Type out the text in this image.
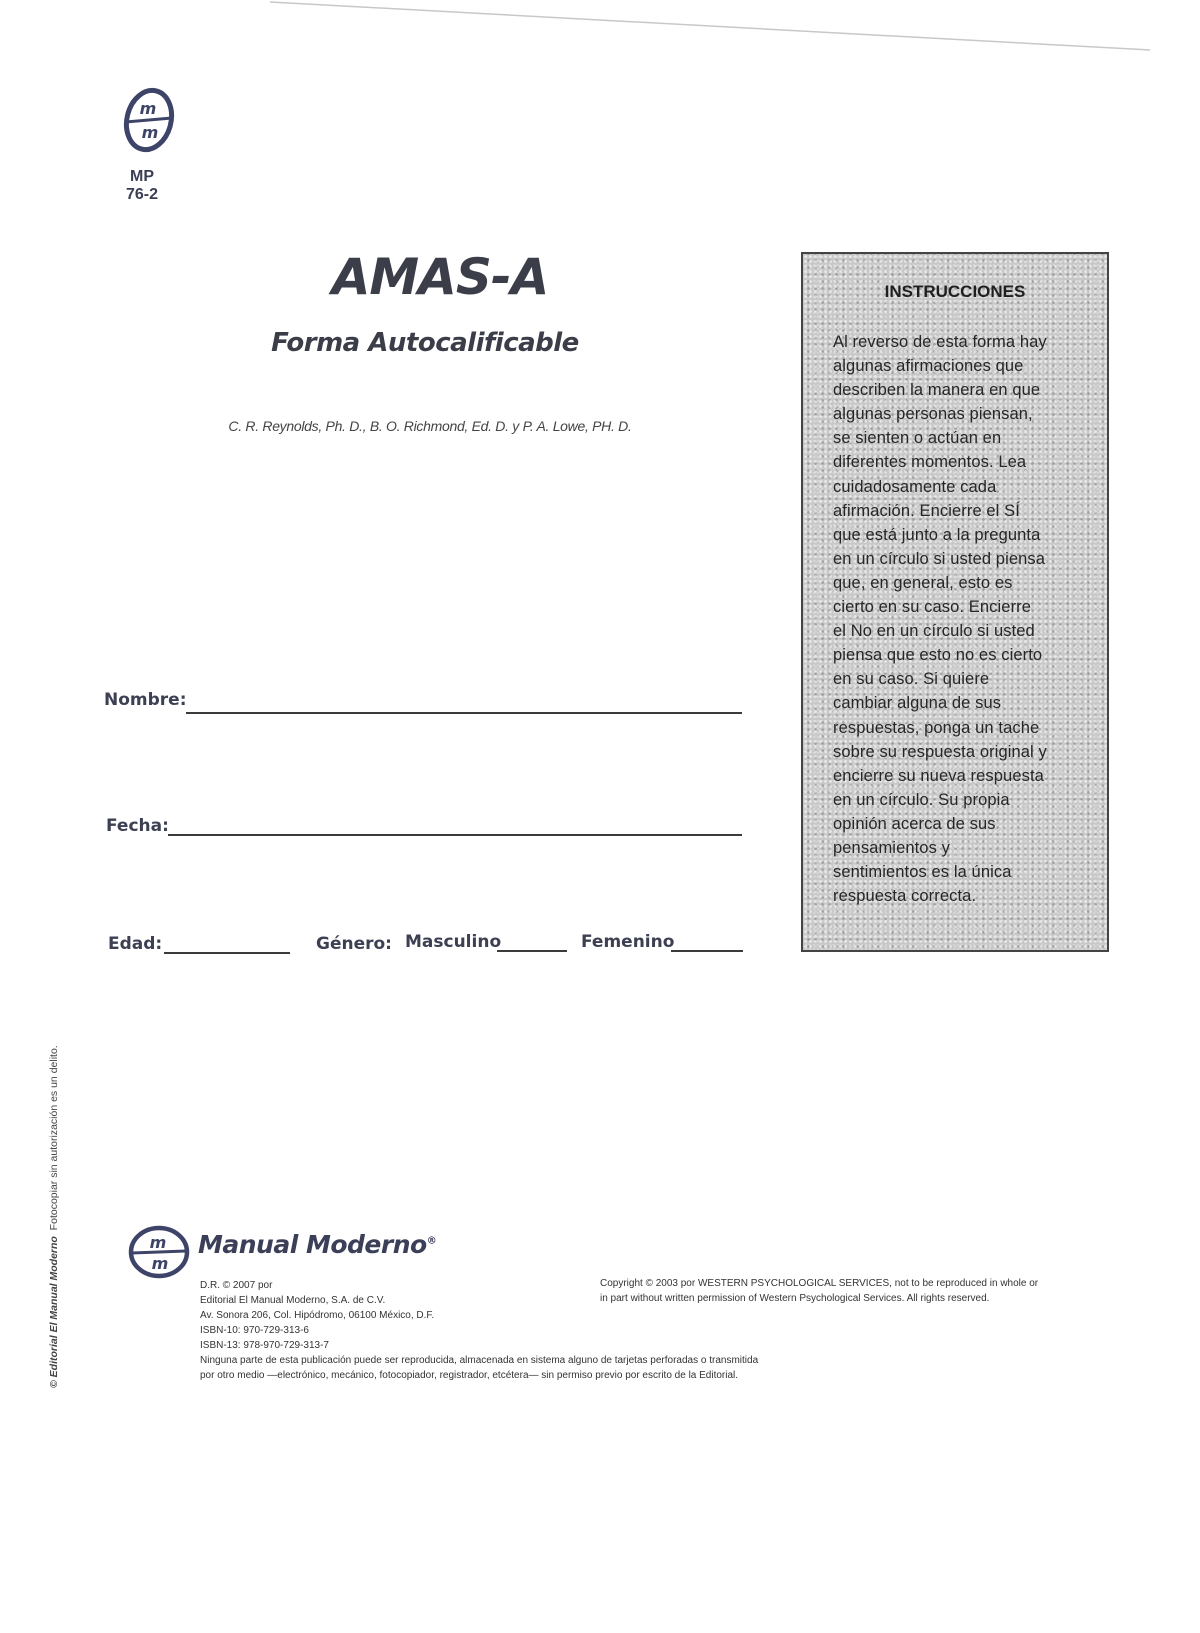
m
m
MP
76-2
AMAS-A
Forma Autocalificable
C. R. Reynolds, Ph. D., B. O. Richmond, Ed. D. y P. A. Lowe, PH. D.
Nombre:
Fecha:
Edad:	Género: Masculino	Femenino
INSTRUCCIONES

Al reverso de esta forma hay

algunas afirmaciones que

describen la manera en que

algunas personas piensan,

se sienten o actúan en

diferentes momentos. Lea

cuidadosamente cada

afirmación. Encierre el SÍ

que está junto a la pregunta

en un círculo si usted piensa

que, en general, esto es

cierto en su caso. Encierre

el No en un círculo si usted

piensa que esto no es cierto

en su caso. Si quiere

cambiar alguna de sus

respuestas, ponga un tache

sobre su respuesta original y

encierre su nueva respuesta

en un círculo. Su propia

opinión acerca de sus

pensamientos y

sentimientos es la única

respuesta correcta.

© Editorial El Manual Moderno  Fotocopiar sin autorización es un delito.
m
m
Manual Moderno®
D.R. © 2007 por
Editorial El Manual Moderno, S.A. de C.V.
Av. Sonora 206, Col. Hipódromo, 06100 México, D.F.
ISBN-10: 970-729-313-6
ISBN-13: 978-970-729-313-7
Ninguna parte de esta publicación puede ser reproducida, almacenada en sistema alguno de tarjetas perforadas o transmitida
por otro medio —electrónico, mecánico, fotocopiador, registrador, etcétera— sin permiso previo por escrito de la Editorial.
Copyright © 2003 por WESTERN PSYCHOLOGICAL SERVICES, not to be reproduced in whole or
in part without written permission of Western Psychological Services. All rights reserved.
